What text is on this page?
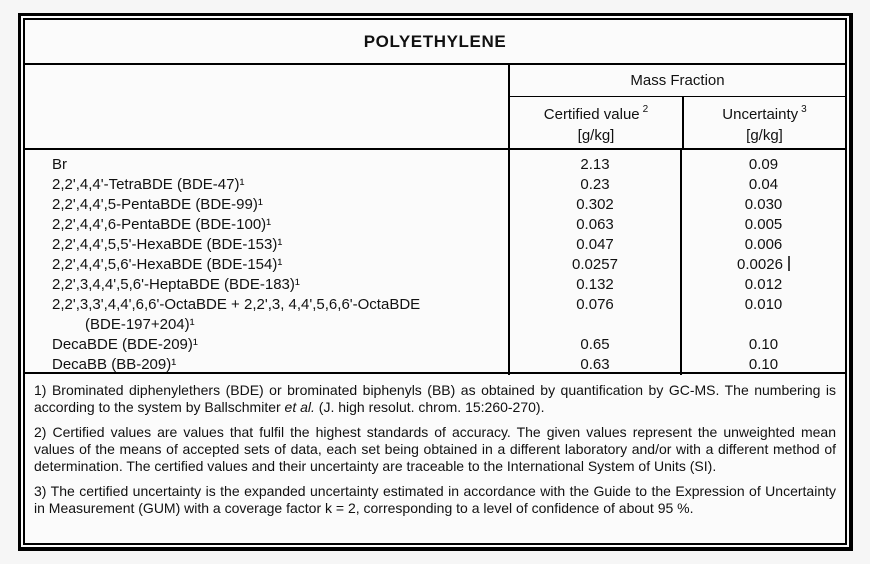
POLYETHYLENE
Mass Fraction
Certified value $^2$
[g/kg]
Uncertainty $^3$
[g/kg]
Br
2,2',4,4'-TetraBDE (BDE-47)¹
2,2',4,4',5-PentaBDE (BDE-99)¹
2,2',4,4',6-PentaBDE (BDE-100)¹
2,2',4,4',5,5'-HexaBDE (BDE-153)¹
2,2',4,4',5,6'-HexaBDE (BDE-154)¹
2,2',3,4,4',5,6'-HeptaBDE (BDE-183)¹
2,2',3,3',4,4',6,6'-OctaBDE + 2,2',3, 4,4',5,6,6'-OctaBDE
(BDE-197+204)¹
DecaBDE (BDE-209)¹
DecaBB (BB-209)¹
2.13
0.23
0.302
0.063
0.047
0.0257
0.132
0.076
0.65
0.63
0.09
0.04
0.030
0.005
0.006
0.0026
0.012
0.010
0.10
0.10

1) Brominated diphenylethers (BDE) or brominated biphenyls (BB) as obtained by quantification by GC-MS. The numbering is according to the system by Ballschmiter et al. (J. high resolut. chrom. 15:260-270).

2) Certified values are values that fulfil the highest standards of accuracy. The given values represent the unweighted mean values of the means of accepted sets of data, each set being obtained in a different laboratory and/or with a different method of determination. The certified values and their uncertainty are traceable to the International System of Units (SI).

3) The certified uncertainty is the expanded uncertainty estimated in accordance with the Guide to the Expression of Uncertainty in Measurement (GUM) with a coverage factor k = 2, corresponding to a level of confidence of about 95 %.
